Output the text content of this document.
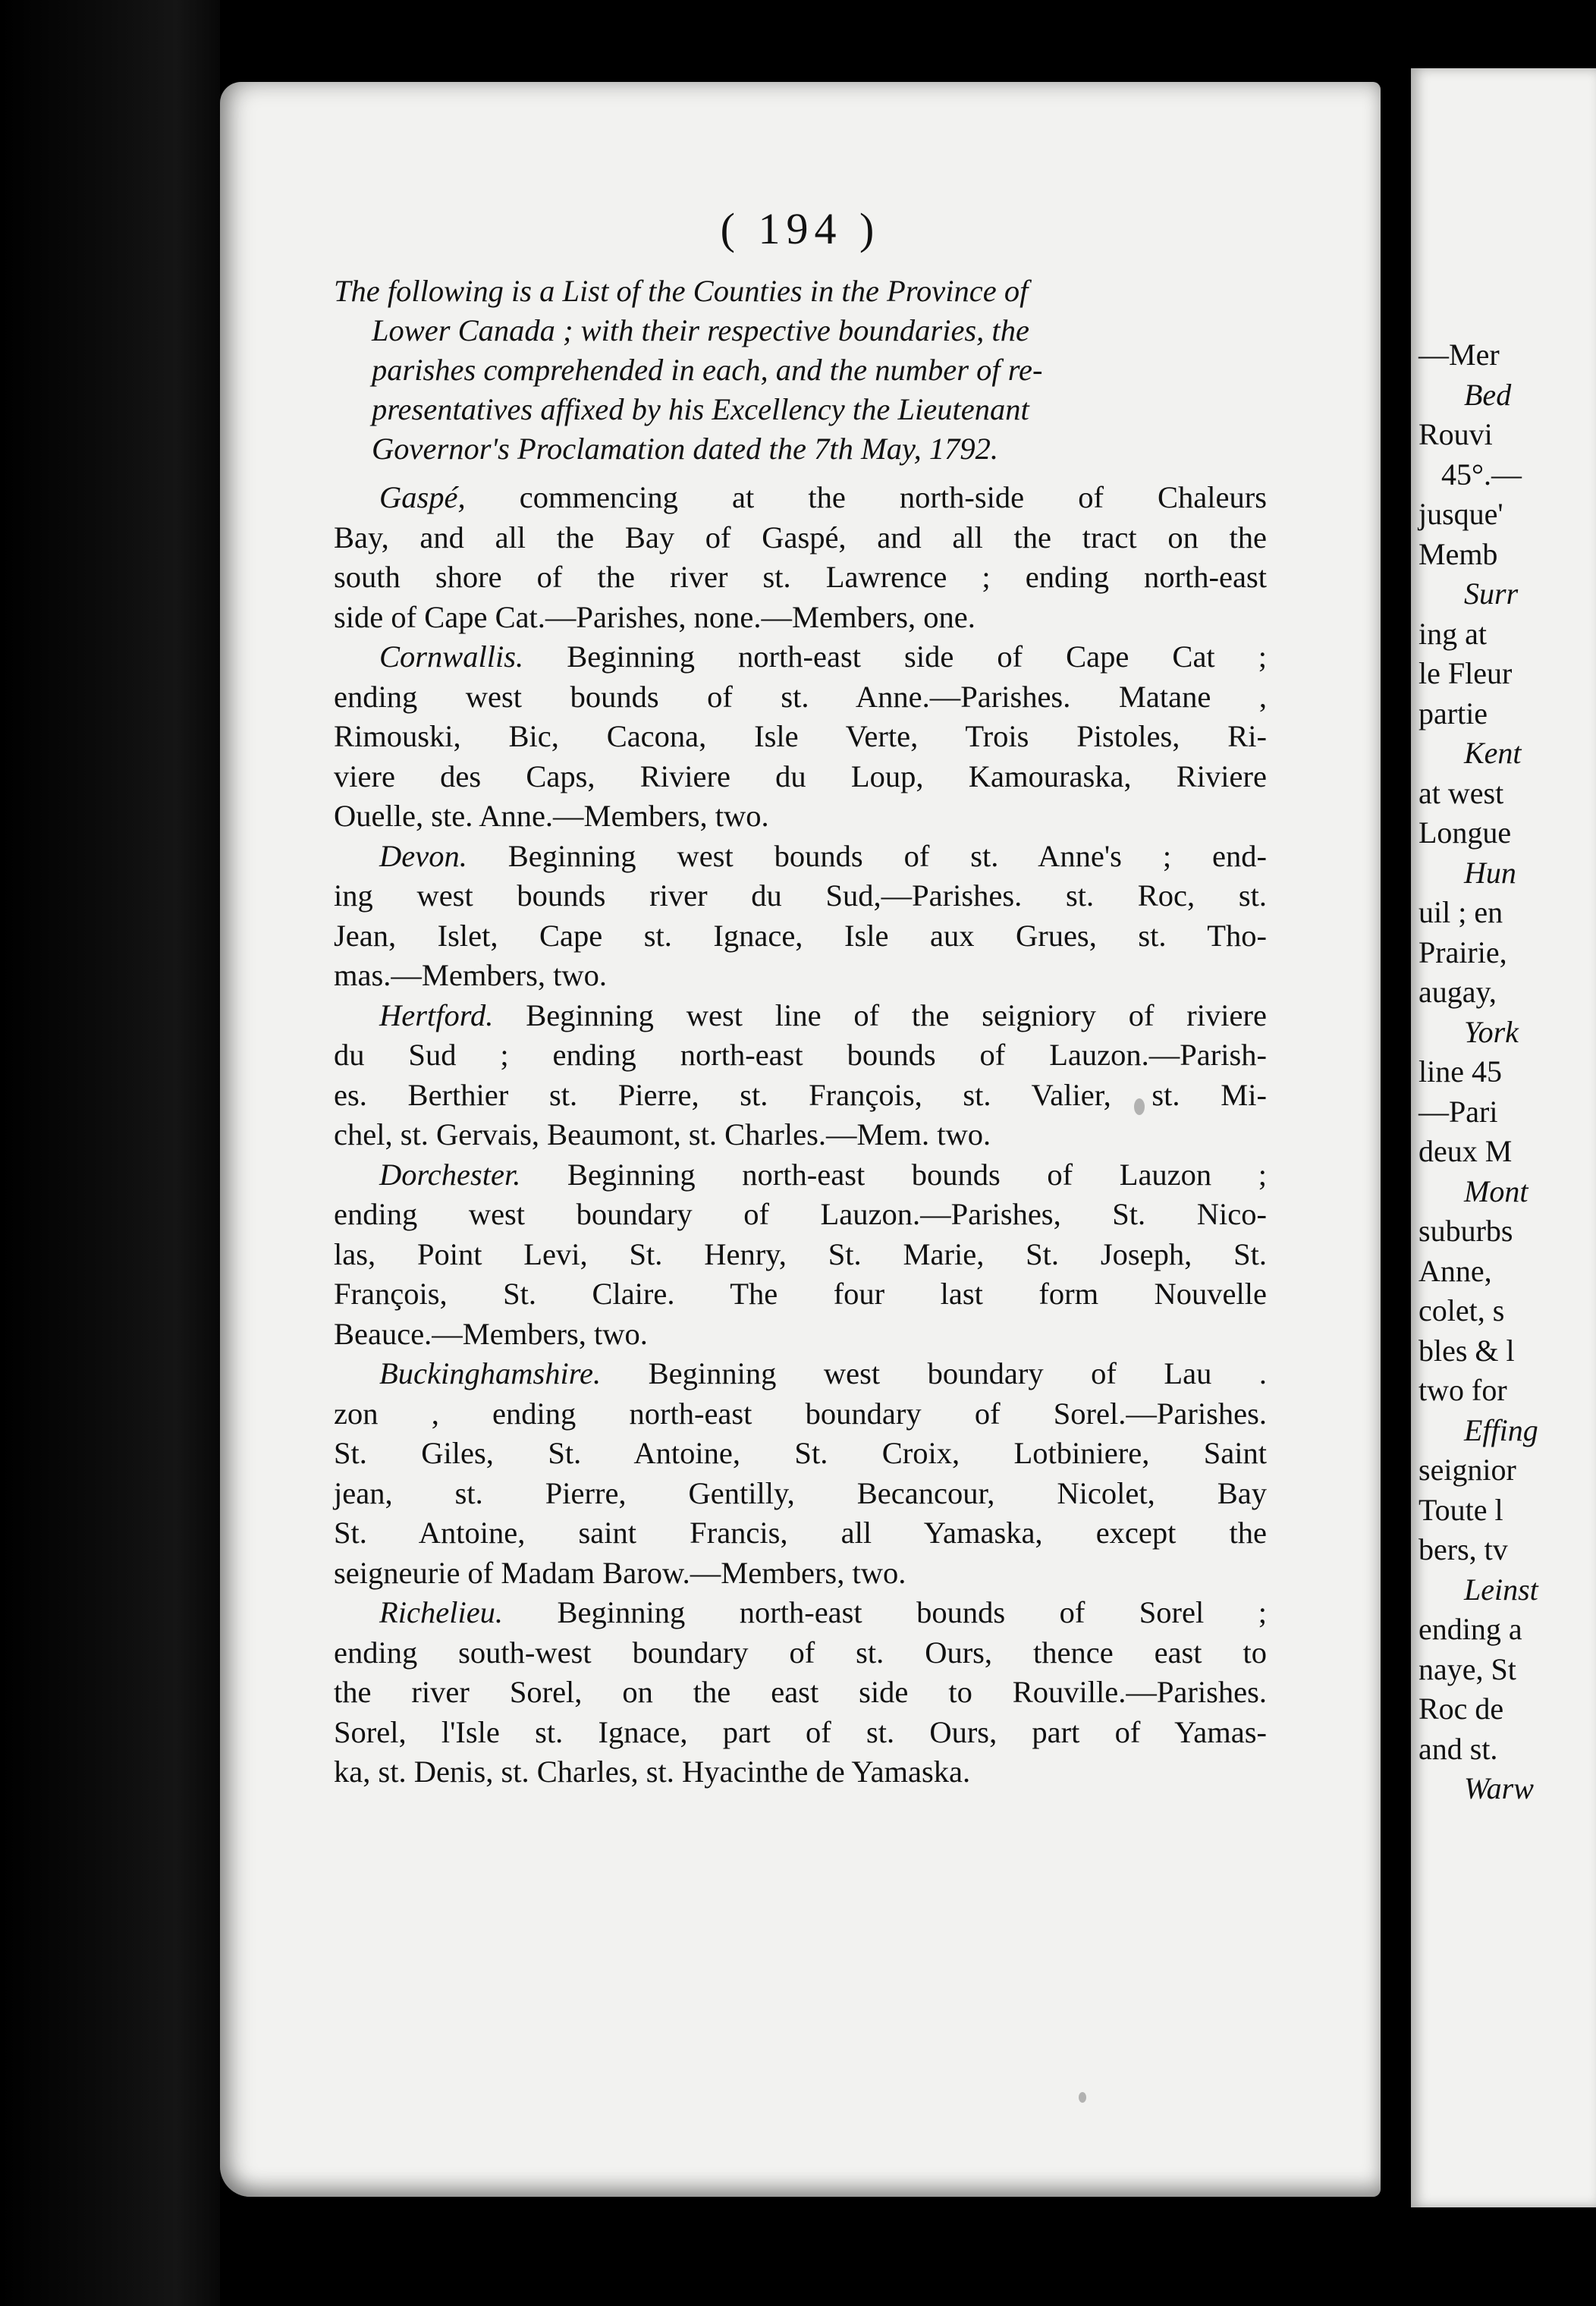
( 194 )
The following is a List of the Counties in the Province of
Lower Canada ; with their respective boundaries, the
parishes comprehended in each, and the number of re-
presentatives affixed by his Excellency the Lieutenant
Governor's Proclamation dated the 7th May, 1792.
Gaspé, commencing at the north-side of Chaleurs
Bay, and all the Bay of Gaspé, and all the tract on the
south shore of the river st. Lawrence ; ending north-east
side of Cape Cat.—Parishes, none.—Members, one.
Cornwallis. Beginning north-east side of Cape Cat ;
ending west bounds of st. Anne.—Parishes. Matane ,
Rimouski, Bic, Cacona, Isle Verte, Trois Pistoles, Ri-
viere des Caps, Riviere du Loup, Kamouraska, Riviere
Ouelle, ste. Anne.—Members, two.
Devon. Beginning west bounds of st. Anne's ; end-
ing west bounds river du Sud,—Parishes. st. Roc, st.
Jean, Islet, Cape st. Ignace, Isle aux Grues, st. Tho-
mas.—Members, two.
Hertford. Beginning west line of the seigniory of riviere
du Sud ; ending north-east bounds of Lauzon.—Parish-
es. Berthier st. Pierre, st. François, st. Valier, st. Mi-
chel, st. Gervais, Beaumont, st. Charles.—Mem. two.
Dorchester. Beginning north-east bounds of Lauzon ;
ending west boundary of Lauzon.—Parishes, St. Nico-
las, Point Levi, St. Henry, St. Marie, St. Joseph, St.
François, St. Claire. The four last form Nouvelle
Beauce.—Members, two.
Buckinghamshire. Beginning west boundary of Lau .
zon , ending north-east boundary of Sorel.—Parishes.
St. Giles, St. Antoine, St. Croix, Lotbiniere, Saint
jean, st. Pierre, Gentilly, Becancour, Nicolet, Bay
St. Antoine, saint Francis, all Yamaska, except the
seigneurie of Madam Barow.—Members, two.
Richelieu. Beginning north-east bounds of Sorel ;
ending south-west boundary of st. Ours, thence east to
the river Sorel, on the east side to Rouville.—Parishes.
Sorel, l'Isle st. Ignace, part of st. Ours, part of Yamas-
ka, st. Denis, st. Charles, st. Hyacinthe de Yamaska.
—Mer
Bed
Rouvi
45°.—
jusque'
Memb
Surr
ing at
le Fleur
partie
Kent
at west
Longue
Hun
uil ; en
Prairie,
augay,
York
line 45
—Pari
deux M
Mont
suburbs
Anne,
colet, s
bles & l
two for
Effing
seignior
Toute l
bers, tv
Leinst
ending a
naye, St
Roc de
and st.
Warw
